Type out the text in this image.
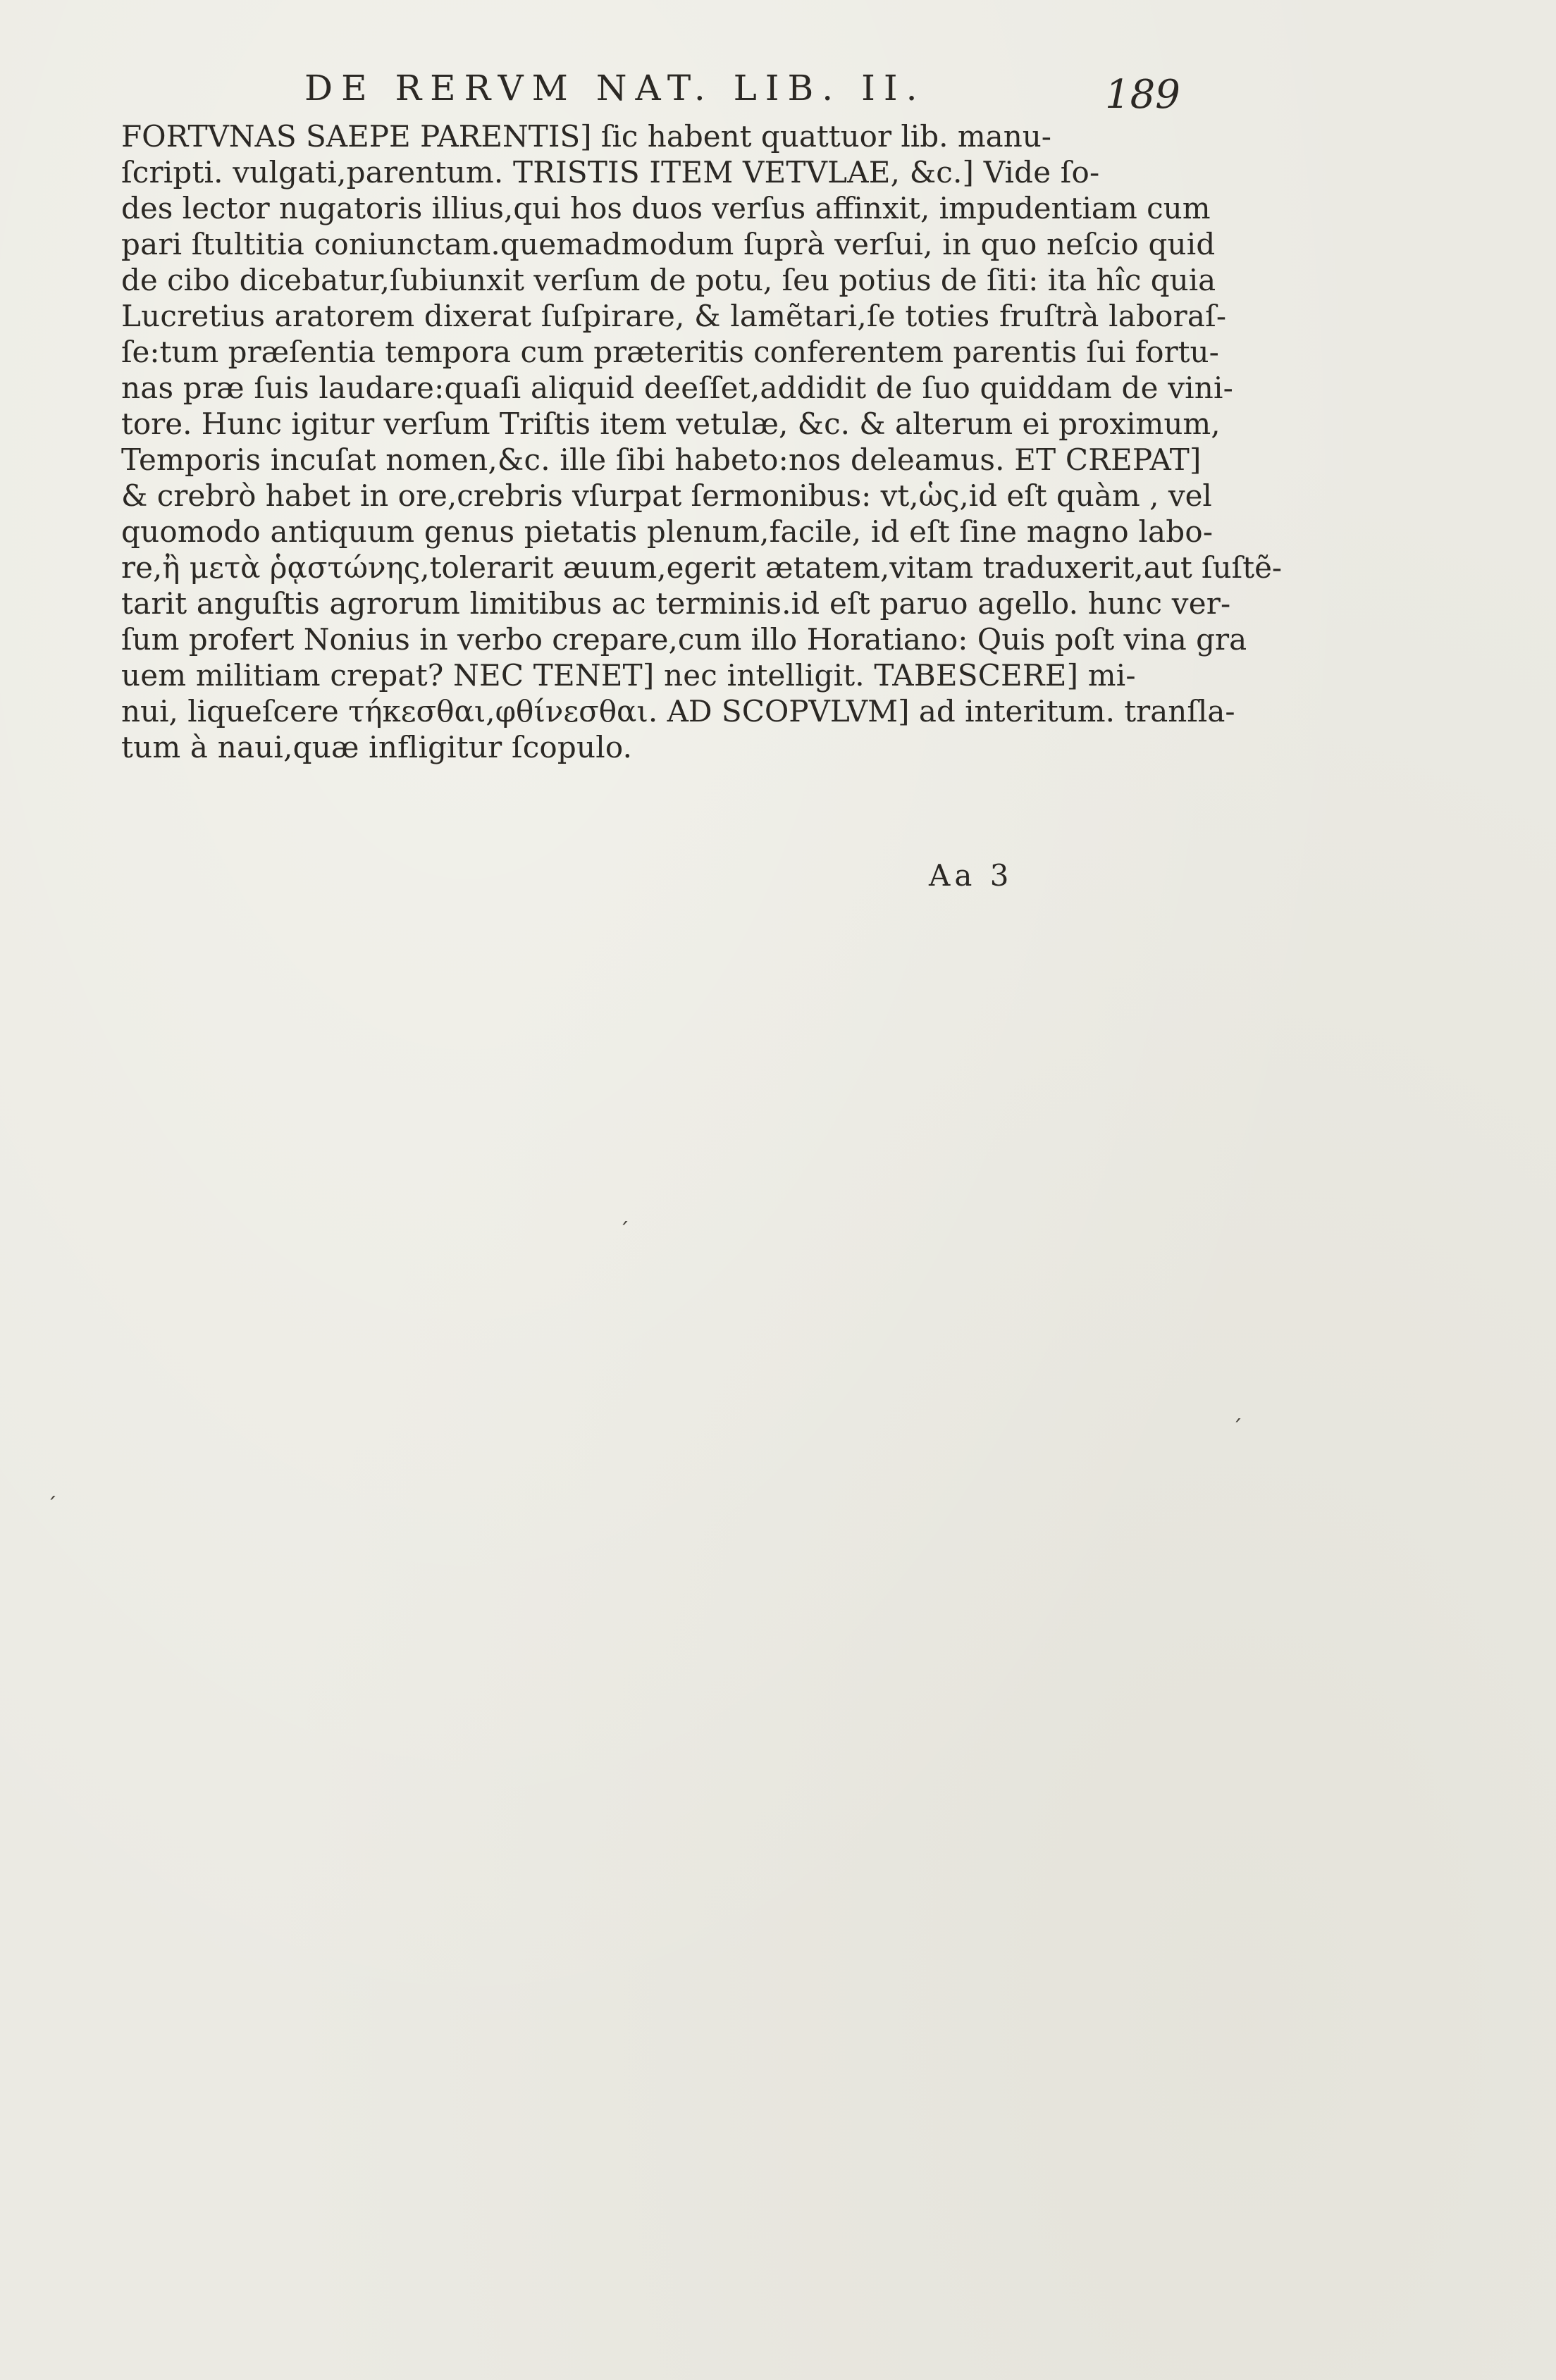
DE RERVM NAT. LIB. II.	189
FORTVNAS SAEPE PARENTIS] ſic habent quattuor lib. manu-
ſcripti. vulgati,parentum. TRISTIS ITEM VETVLAE, &c.] Vide ſo-
des lector nugatoris illius,qui hos duos verſus affinxit, impudentiam cum
pari ſtultitia coniunctam.quemadmodum ſuprà verſui, in quo neſcio quid
de cibo dicebatur,ſubiunxit verſum de potu, ſeu potius de ſiti: ita hîc quia
Lucretius aratorem dixerat ſuſpirare, & lamẽtari,ſe toties fruſtrà laboraſ-
ſe:tum præſentia tempora cum præteritis conferentem parentis ſui fortu-
nas præ ſuis laudare:quaſi aliquid deeſſet,addidit de ſuo quiddam de vini-
tore. Hunc igitur verſum Triſtis item vetulæ, &c. & alterum ei proximum,
Temporis incuſat nomen,&c. ille ſibi habeto:nos deleamus. ET CREPAT]
& crebrò habet in ore,crebris vſurpat ſermonibus: vt,ὡς,id eſt quàm , vel
quomodo antiquum genus pietatis plenum,facile, id eſt ſine magno labo-
re,ἢ μετὰ ῥᾳστώνης,tolerarit æuum,egerit ætatem,vitam traduxerit,aut ſuſtẽ-
tarit anguſtis agrorum limitibus ac terminis.id eſt paruo agello. hunc ver-
ſum profert Nonius in verbo crepare,cum illo Horatiano: Quis poſt vina gra
uem militiam crepat? NEC TENET] nec intelligit. TABESCERE] mi-
nui, liqueſcere τήκεσθαι,φθίνεσθαι. AD SCOPVLVM] ad interitum. tranſla-
tum à naui,quæ infligitur ſcopulo.
Aa 3
ˊ
ˊ
ˊ
